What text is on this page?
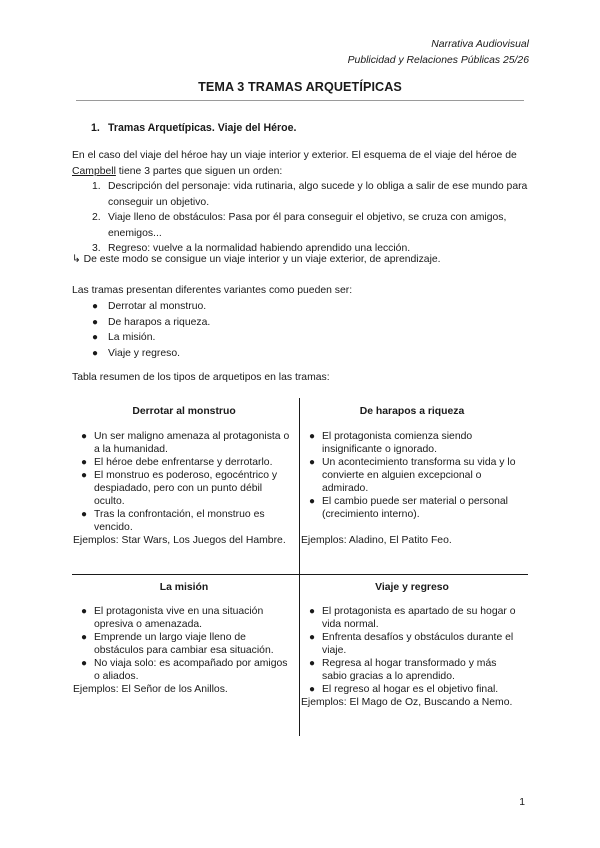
Narrativa Audiovisual
Publicidad y Relaciones Públicas 25/26
TEMA 3 TRAMAS ARQUETÍPICAS
1. Tramas Arquetípicas. Viaje del Héroe.
En el caso del viaje del héroe hay un viaje interior y exterior. El esquema de el viaje del héroe de Campbell tiene 3 partes que siguen un orden:
1. Descripción del personaje: vida rutinaria, algo sucede y lo obliga a salir de ese mundo para conseguir un objetivo.
2. Viaje lleno de obstáculos: Pasa por él para conseguir el objetivo, se cruza con amigos, enemigos...
3. Regreso: vuelve a la normalidad habiendo aprendido una lección.
↳ De este modo se consigue un viaje interior y un viaje exterior, de aprendizaje.
Las tramas presentan diferentes variantes como pueden ser:
● Derrotar al monstruo.
● De harapos a riqueza.
● La misión.
● Viaje y regreso.
Tabla resumen de los tipos de arquetipos en las tramas:
Derrotar al monstruo
● Un ser maligno amenaza al protagonista o a la humanidad.
● El héroe debe enfrentarse y derrotarlo.
● El monstruo es poderoso, egocéntrico y despiadado, pero con un punto débil oculto.
● Tras la confrontación, el monstruo es vencido.
Ejemplos: Star Wars, Los Juegos del Hambre.
De harapos a riqueza
● El protagonista comienza siendo insignificante o ignorado.
● Un acontecimiento transforma su vida y lo convierte en alguien excepcional o admirado.
● El cambio puede ser material o personal (crecimiento interno).
Ejemplos: Aladino, El Patito Feo.
La misión
● El protagonista vive en una situación opresiva o amenazada.
● Emprende un largo viaje lleno de obstáculos para cambiar esa situación.
● No viaja solo: es acompañado por amigos o aliados.
Ejemplos: El Señor de los Anillos.
Viaje y regreso
● El protagonista es apartado de su hogar o vida normal.
● Enfrenta desafíos y obstáculos durante el viaje.
● Regresa al hogar transformado y más sabio gracias a lo aprendido.
● El regreso al hogar es el objetivo final.
Ejemplos: El Mago de Oz, Buscando a Nemo.
1
